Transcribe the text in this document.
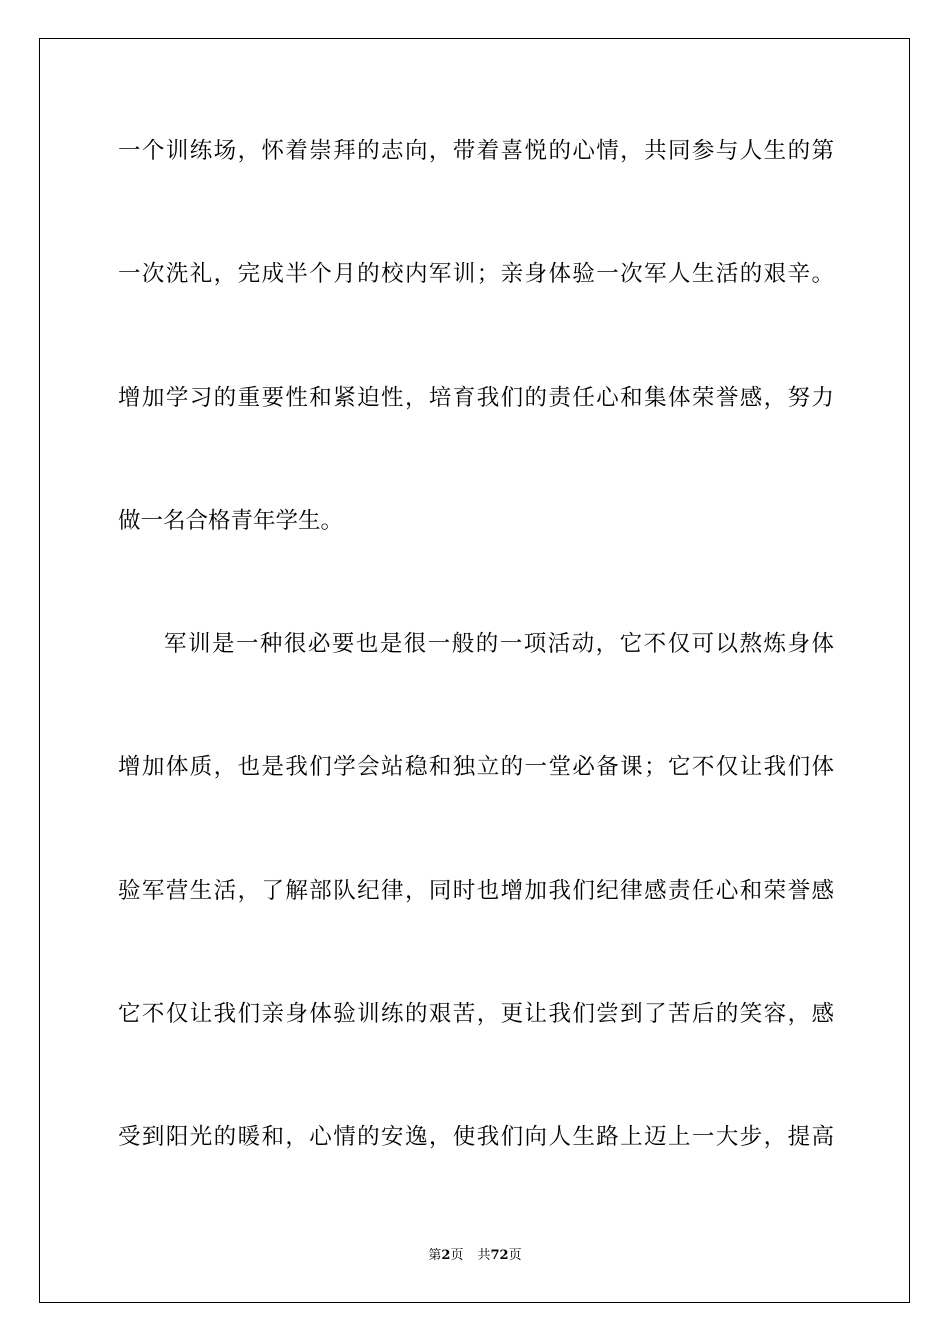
一个训练场，怀着崇拜的志向，带着喜悦的心情，共同参与人生的第
一次洗礼，完成半个月的校内军训；亲身体验一次军人生活的艰辛。
增加学习的重要性和紧迫性，培育我们的责任心和集体荣誉感，努力
做一名合格青年学生。
军训是一种很必要也是很一般的一项活动，它不仅可以熬炼身体
增加体质，也是我们学会站稳和独立的一堂必备课；它不仅让我们体
验军营生活，了解部队纪律，同时也增加我们纪律感责任心和荣誉感
它不仅让我们亲身体验训练的艰苦，更让我们尝到了苦后的笑容，感
受到阳光的暖和，心情的安逸，使我们向人生路上迈上一大步，提高
第2页 共72页
